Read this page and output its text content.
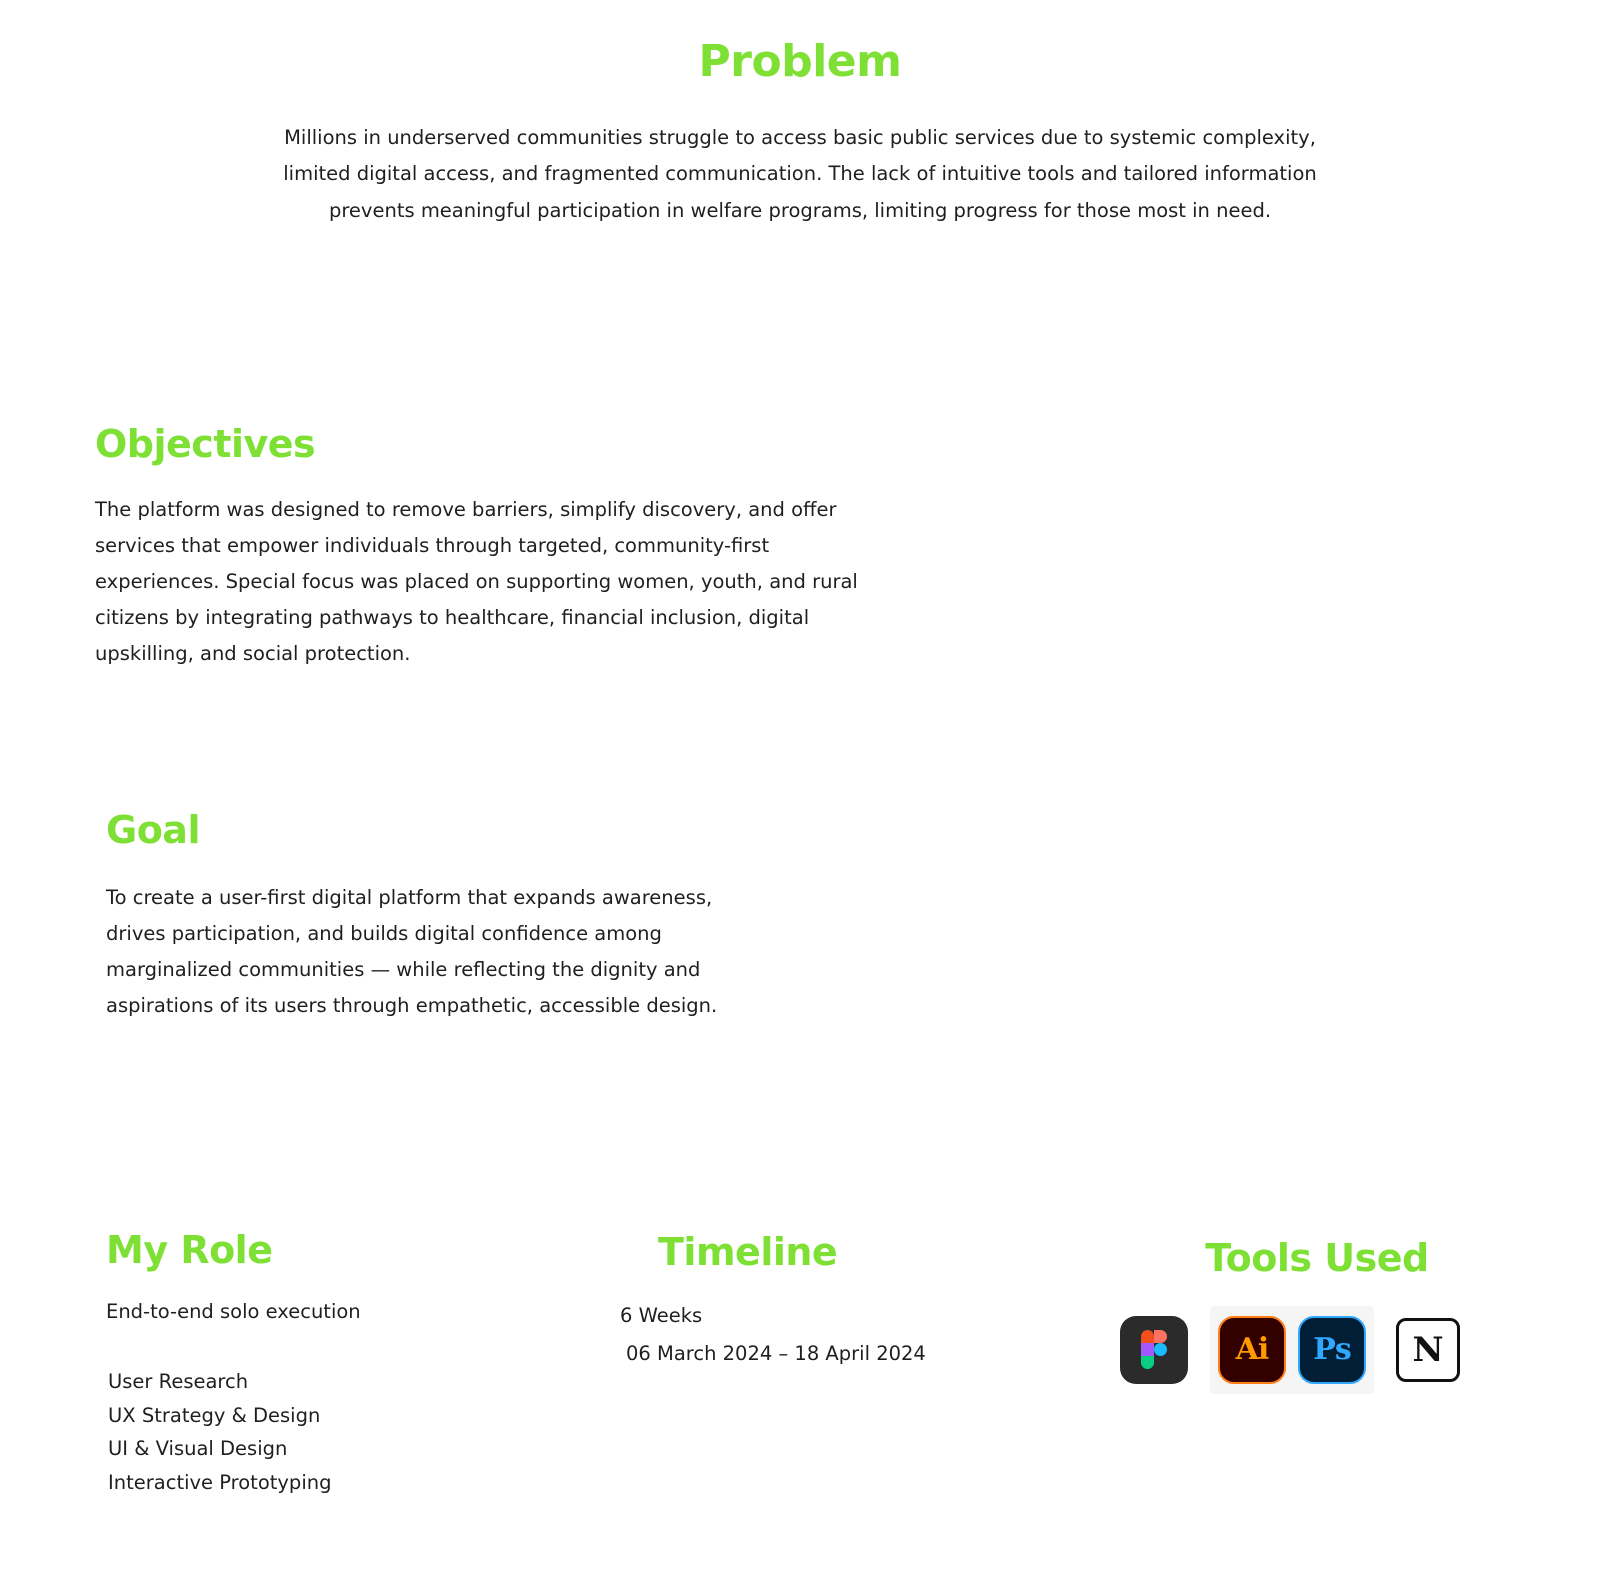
Problem

Millions in underserved communities struggle to access basic public services due to systemic complexity, limited digital access, and fragmented communication. The lack of intuitive tools and tailored information prevents meaningful participation in welfare programs, limiting progress for those most in need.

Objectives

The platform was designed to remove barriers, simplify discovery, and offer services that empower individuals through targeted, community-first experiences. Special focus was placed on supporting women, youth, and rural citizens by integrating pathways to healthcare, financial inclusion, digital upskilling, and social protection.

Goal

To create a user-first digital platform that expands awareness, drives participation, and builds digital confidence among marginalized communities — while reflecting the dignity and aspirations of its users through empathetic, accessible design.

My Role
End-to-end solo execution
User Research
UX Strategy & Design
UI & Visual Design
Interactive Prototyping
Timeline
6 Weeks
06 March 2024 – 18 April 2024
Tools Used
Ai Ps N
